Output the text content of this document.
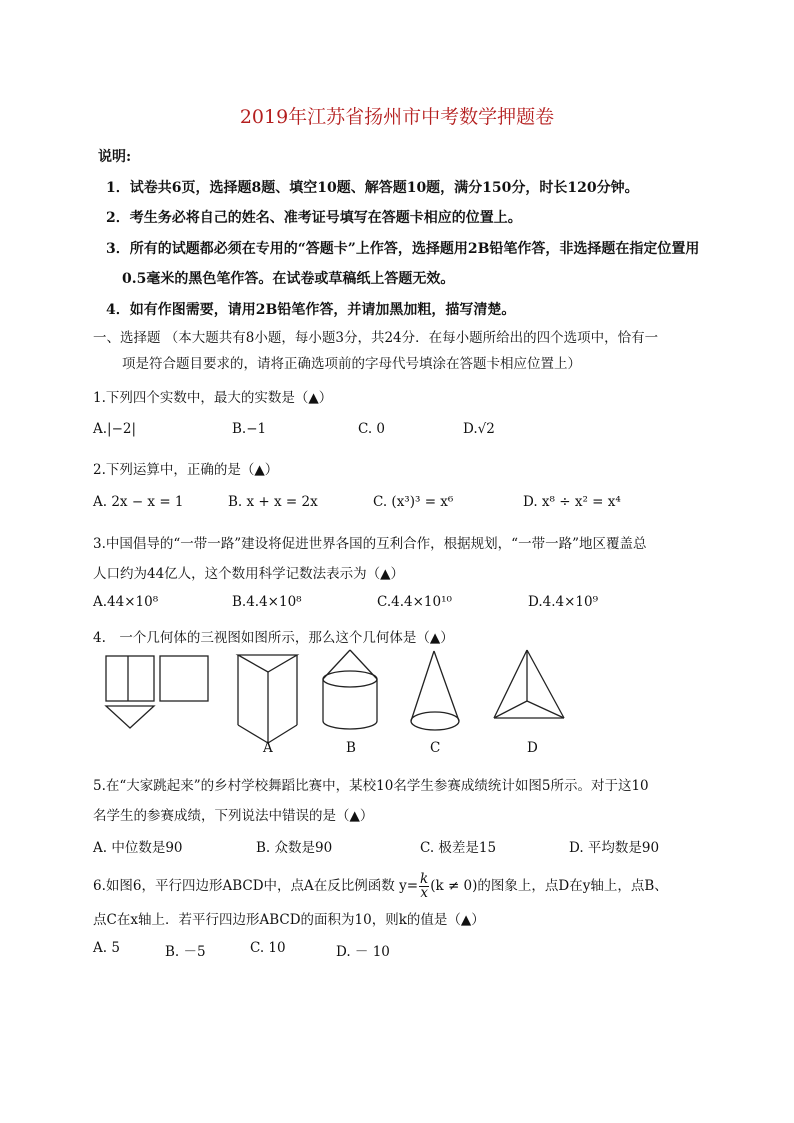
2019年江苏省扬州市中考数学押题卷
说明:
1．试卷共6页，选择题8题、填空10题、解答题10题，满分150分，时长120分钟。
2．考生务必将自己的姓名、准考证号填写在答题卡相应的位置上。
3．所有的试题都必须在专用的“答题卡”上作答，选择题用2B铅笔作答，非选择题在指定位置用
0.5毫米的黑色笔作答。在试卷或草稿纸上答题无效。
4．如有作图需要，请用2B铅笔作答，并请加黑加粗，描写清楚。
一、选择题 （本大题共有8小题，每小题3分，共24分．在每小题所给出的四个选项中，恰有一
项是符合题目要求的，请将正确选项前的字母代号填涂在答题卡相应位置上）
1.下列四个实数中，最大的实数是（▲）
A.|−2|	B.−1	C. 0	D.√2
2.下列运算中，正确的是（▲）
A. 2x − x = 1	B. x + x = 2x	C. (x³)³ = x⁶	D. x⁸ ÷ x² = x⁴
3.中国倡导的“一带一路”建设将促进世界各国的互利合作，根据规划，“一带一路”地区覆盖总
人口约为44亿人，这个数用科学记数法表示为（▲）
A.44×10⁸	B.4.4×10⁸	C.4.4×10¹⁰	D.4.4×10⁹
4.　一个几何体的三视图如图所示，那么这个几何体是（▲）
A	B	C	D
5.在“大家跳起来”的乡村学校舞蹈比赛中，某校10名学生参赛成绩统计如图5所示。对于这10
名学生的参赛成绩，下列说法中错误的是（▲）
A. 中位数是90	B. 众数是90	C. 极差是15	D. 平均数是90
6.如图6，平行四边形ABCD中，点A在反比例函数 $y= \frac{k}{x} (k \ne 0)$的图象上，点D在y轴上，点B、
点C在x轴上．若平行四边形ABCD的面积为10，则k的值是（▲）
A. 5	B. －5	C. 10	D. － 10
